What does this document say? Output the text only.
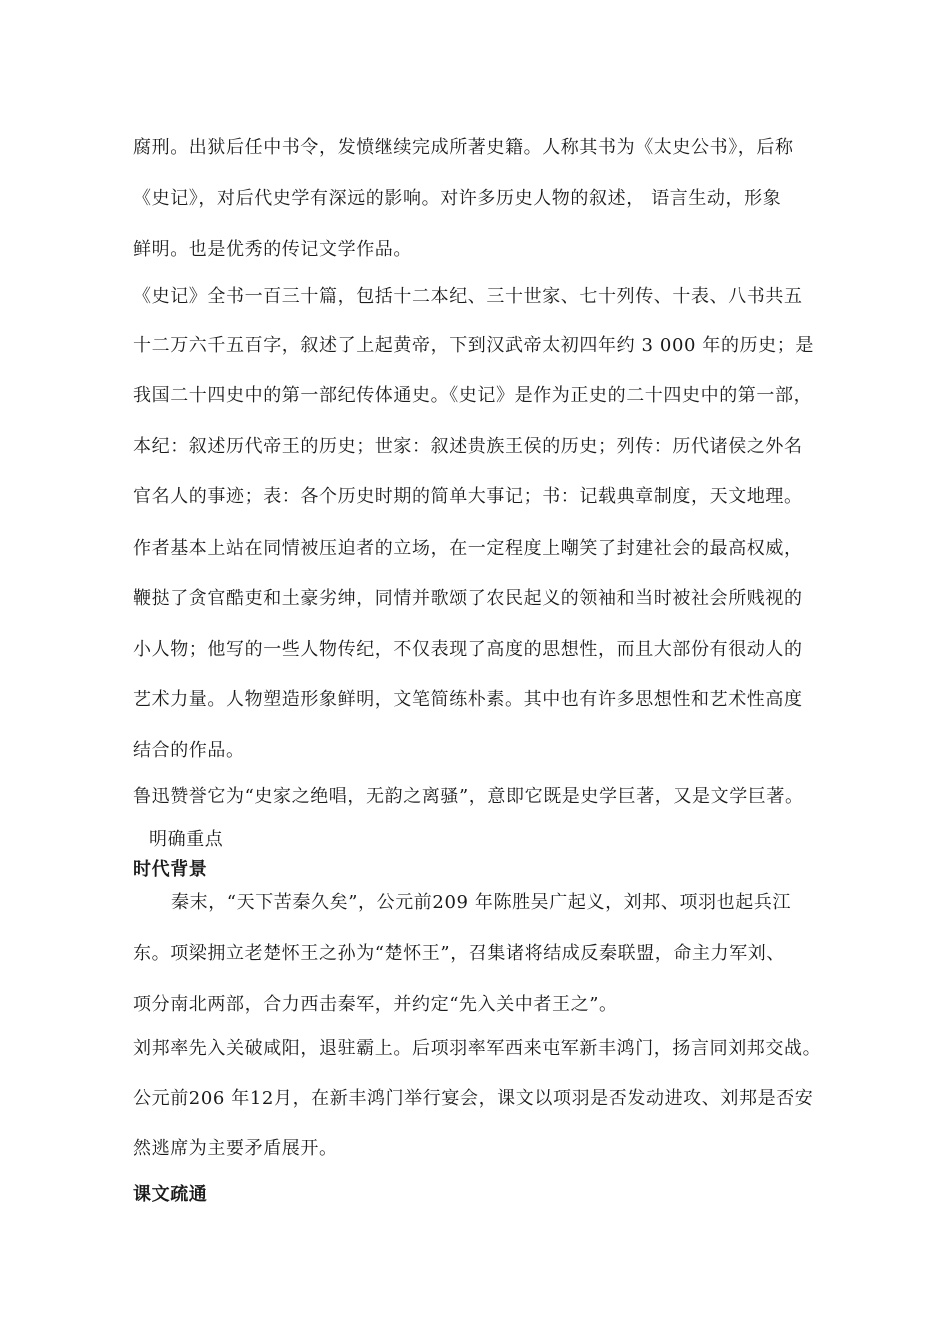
腐刑。出狱后任中书令，发愤继续完成所著史籍。人称其书为《太史公书》，后称
《史记》，对后代史学有深远的影响。对许多历史人物的叙述， 语言生动，形象
鲜明。也是优秀的传记文学作品。
《史记》全书一百三十篇，包括十二本纪、三十世家、七十列传、十表、八书共五
十二万六千五百字，叙述了上起黄帝，下到汉武帝太初四年约 3 000 年的历史；是
我国二十四史中的第一部纪传体通史。《史记》是作为正史的二十四史中的第一部，
本纪：叙述历代帝王的历史；世家：叙述贵族王侯的历史；列传：历代诸侯之外名
官名人的事迹；表：各个历史时期的简单大事记；书：记载典章制度，天文地理。
作者基本上站在同情被压迫者的立场，在一定程度上嘲笑了封建社会的最高权威，
鞭挞了贪官酷吏和土豪劣绅，同情并歌颂了农民起义的领袖和当时被社会所贱视的
小人物；他写的一些人物传纪，不仅表现了高度的思想性，而且大部份有很动人的
艺术力量。人物塑造形象鲜明，文笔简练朴素。其中也有许多思想性和艺术性高度
结合的作品。
鲁迅赞誉它为“史家之绝唱，无韵之离骚”，意即它既是史学巨著，又是文学巨著。
明确重点
时代背景
秦末，“天下苦秦久矣”，公元前209 年陈胜吴广起义，刘邦、项羽也起兵江
东。项梁拥立老楚怀王之孙为“楚怀王”，召集诸将结成反秦联盟，命主力军刘、
项分南北两部，合力西击秦军，并约定“先入关中者王之”。
刘邦率先入关破咸阳，退驻霸上。后项羽率军西来屯军新丰鸿门，扬言同刘邦交战。
公元前206 年12月，在新丰鸿门举行宴会，课文以项羽是否发动进攻、刘邦是否安
然逃席为主要矛盾展开。
课文疏通
